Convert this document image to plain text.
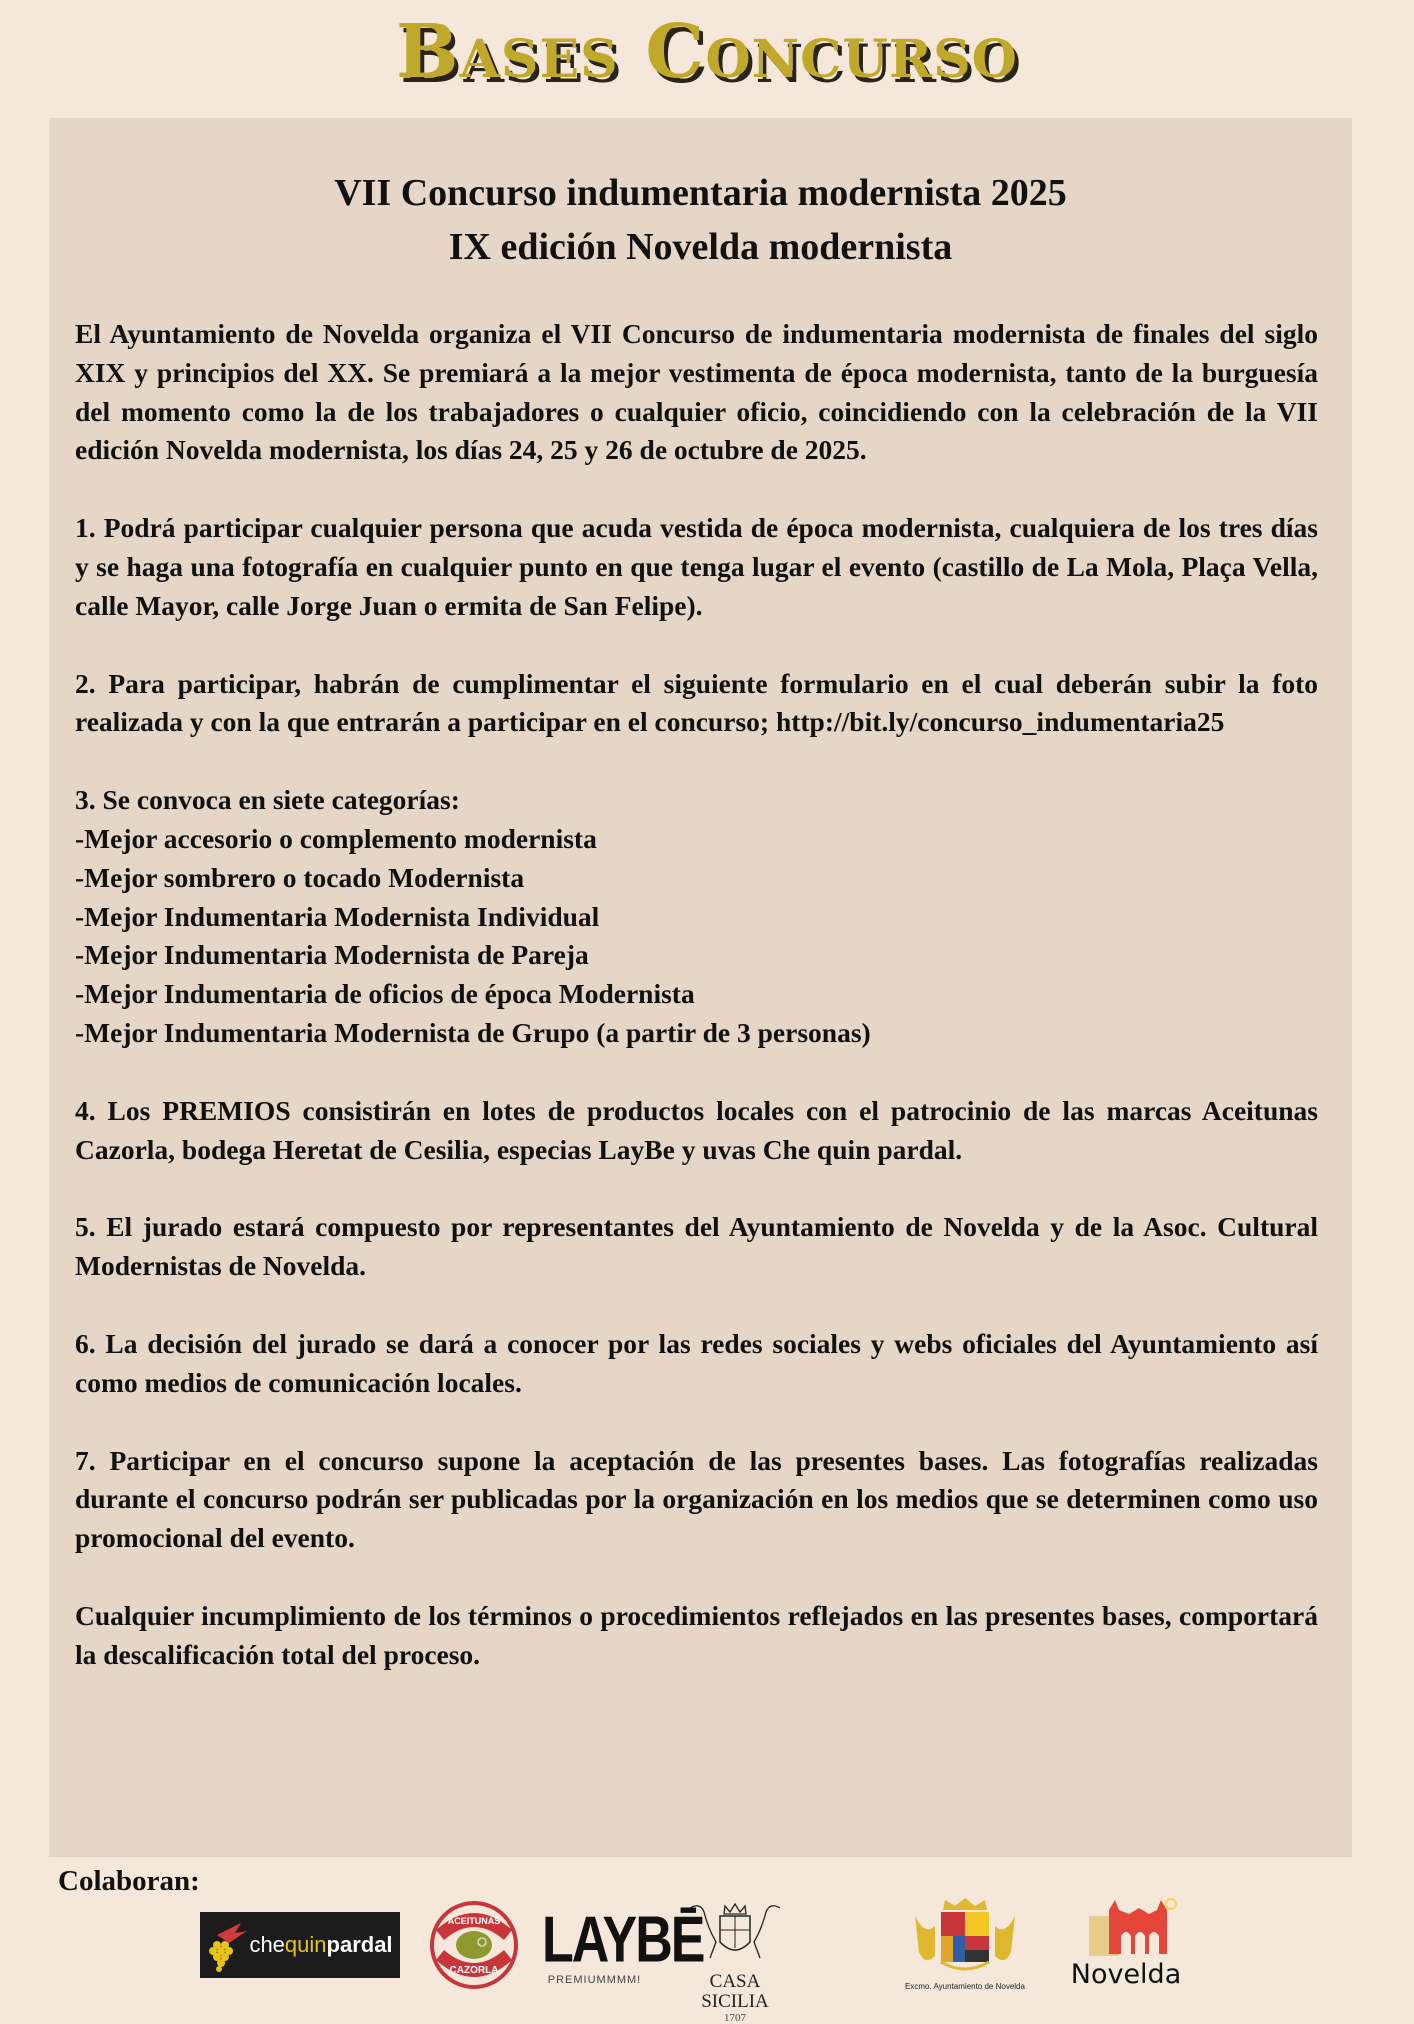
Bases Concurso
VII Concurso indumentaria modernista 2025
IX edición Novelda modernista

El Ayuntamiento de Novelda organiza el VII Concurso de indumentaria modernista de finales del siglo XIX y principios del XX. Se premiará a la mejor vestimenta de época modernista, tanto de la burguesía del momento como la de los trabajadores o cualquier oficio, coincidiendo con la celebración de la VII edición Novelda modernista, los días 24, 25 y 26 de octubre de 2025.

1. Podrá participar cualquier persona que acuda vestida de época modernista, cualquiera de los tres días y se haga una fotografía en cualquier punto en que tenga lugar el evento (castillo de La Mola, Plaça Vella, calle Mayor, calle Jorge Juan o ermita de San Felipe).

2. Para participar, habrán de cumplimentar el siguiente formulario en el cual deberán subir la foto realizada y con la que entrarán a participar en el concurso; http://bit.ly/concurso_indumentaria25

3. Se convoca en siete categorías:

-Mejor accesorio o complemento modernista
-Mejor sombrero o tocado Modernista
-Mejor Indumentaria Modernista Individual
-Mejor Indumentaria Modernista de Pareja
-Mejor Indumentaria de oficios de época Modernista
-Mejor Indumentaria Modernista de Grupo (a partir de 3 personas)

4. Los PREMIOS consistirán en lotes de productos locales con el patrocinio de las marcas Aceitunas Cazorla, bodega Heretat de Cesilia, especias LayBe y uvas Che quin pardal.

5. El jurado estará compuesto por representantes del Ayuntamiento de Novelda y de la Asoc. Cultural Modernistas de Novelda.

6. La decisión del jurado se dará a conocer por las redes sociales y webs oficiales del Ayuntamiento así como medios de comunicación locales.

7. Participar en el concurso supone la aceptación de las presentes bases. Las fotografías realizadas durante el concurso podrán ser publicadas por la organización en los medios que se determinen como uso promocional del evento.

Cualquier incumplimiento de los términos o procedimientos reflejados en las presentes bases, comportará la descalificación total del proceso.

Colaboran:
che quin pardal
ACEITUNAS
CAZORLA LAYBĒ
PREMIUMMMM!	CASA SICILIA
1707
Excmo. Ayuntamiento de Novelda	Novelda
